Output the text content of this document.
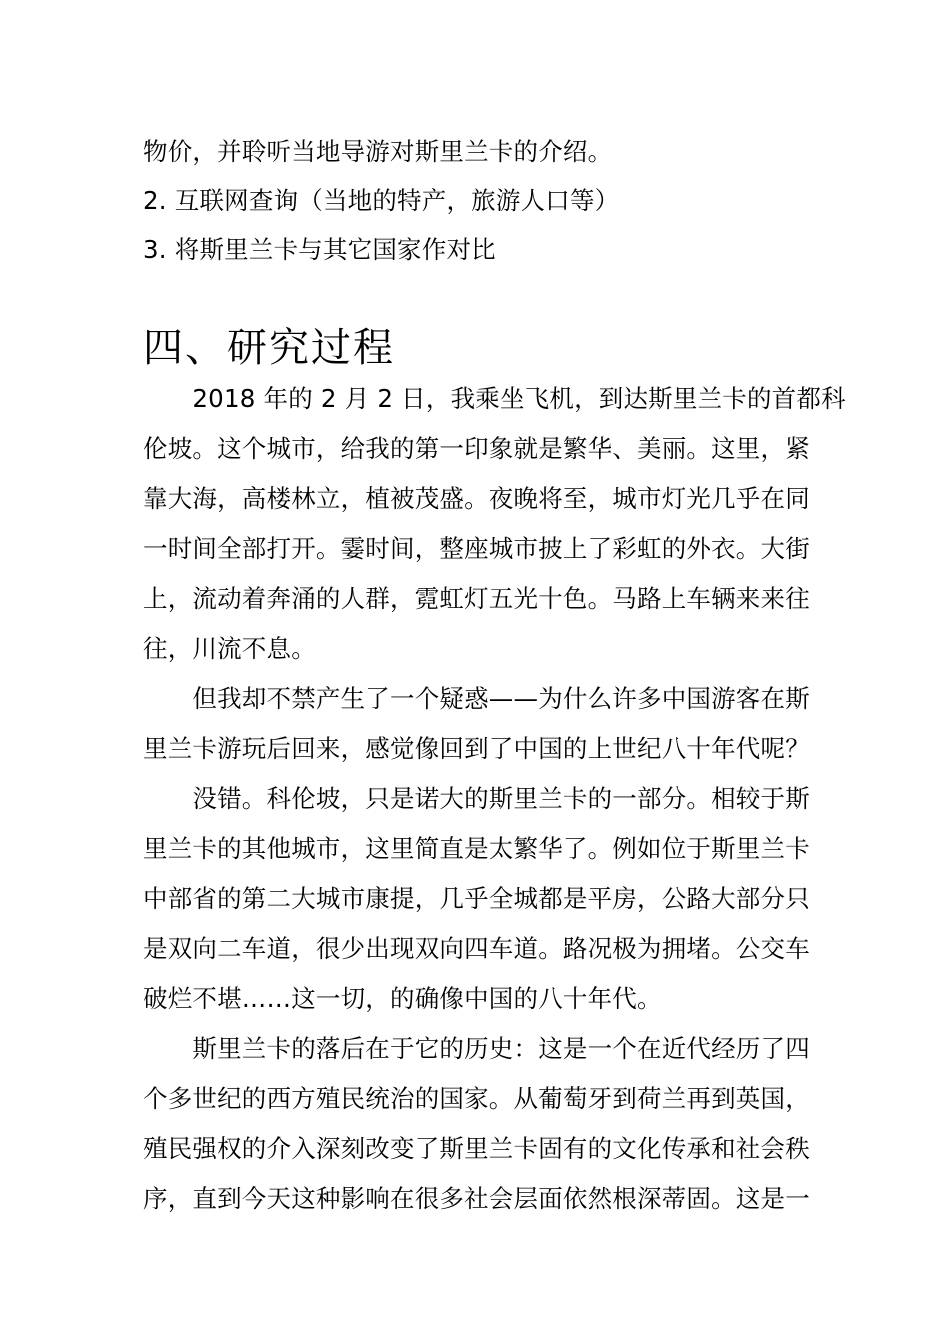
物价，并聆听当地导游对斯里兰卡的介绍。
2. 互联网查询（当地的特产，旅游人口等）
3. 将斯里兰卡与其它国家作对比
四、研究过程
　　2018 年的 2 月 2 日，我乘坐飞机，到达斯里兰卡的首都科
伦坡。这个城市，给我的第一印象就是繁华、美丽。这里，紧
靠大海，高楼林立，植被茂盛。夜晚将至，城市灯光几乎在同
一时间全部打开。霎时间，整座城市披上了彩虹的外衣。大街
上，流动着奔涌的人群，霓虹灯五光十色。马路上车辆来来往
往，川流不息。
　　但我却不禁产生了一个疑惑——为什么许多中国游客在斯
里兰卡游玩后回来，感觉像回到了中国的上世纪八十年代呢？
　　没错。科伦坡，只是诺大的斯里兰卡的一部分。相较于斯
里兰卡的其他城市，这里简直是太繁华了。例如位于斯里兰卡
中部省的第二大城市康提，几乎全城都是平房，公路大部分只
是双向二车道，很少出现双向四车道。路况极为拥堵。公交车
破烂不堪……这一切，的确像中国的八十年代。
　　斯里兰卡的落后在于它的历史：这是一个在近代经历了四
个多世纪的西方殖民统治的国家。从葡萄牙到荷兰再到英国，
殖民强权的介入深刻改变了斯里兰卡固有的文化传承和社会秩
序，直到今天这种影响在很多社会层面依然根深蒂固。这是一
